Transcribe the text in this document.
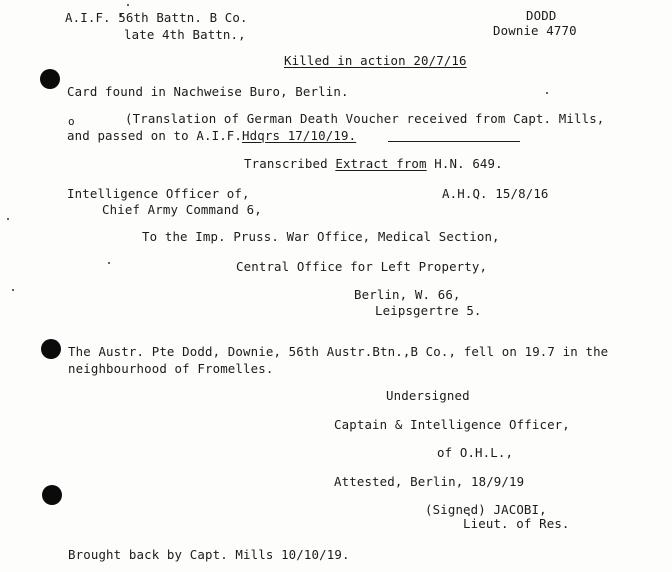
A.I.F. 56th Battn. B Co.
late 4th Battn.,
DODD
Downie 4770
Killed in action 20/7/16
Card found in Nachweise Buro, Berlin.
o	(Translation of German Death Voucher received from Capt. Mills,
and passed on to A.I.F.Hdqrs 17/10/19.
Transcribed Extract from H.N. 649.
Intelligence Officer of,
Chief Army Command 6,
A.H.Q. 15/8/16
To the Imp. Pruss. War Office, Medical Section,
Central Office for Left Property,
Berlin, W. 66,
Leipsgertre 5.
The Austr. Pte Dodd, Downie, 56th Austr.Btn.,B Co., fell on 19.7 in the
neighbourhood of Fromelles.
Undersigned
Captain & Intelligence Officer,
of O.H.L.,
Attested, Berlin, 18/9/19
(Signed) JACOBI,
Lieut. of Res.
Brought back by Capt. Mills 10/10/19.
